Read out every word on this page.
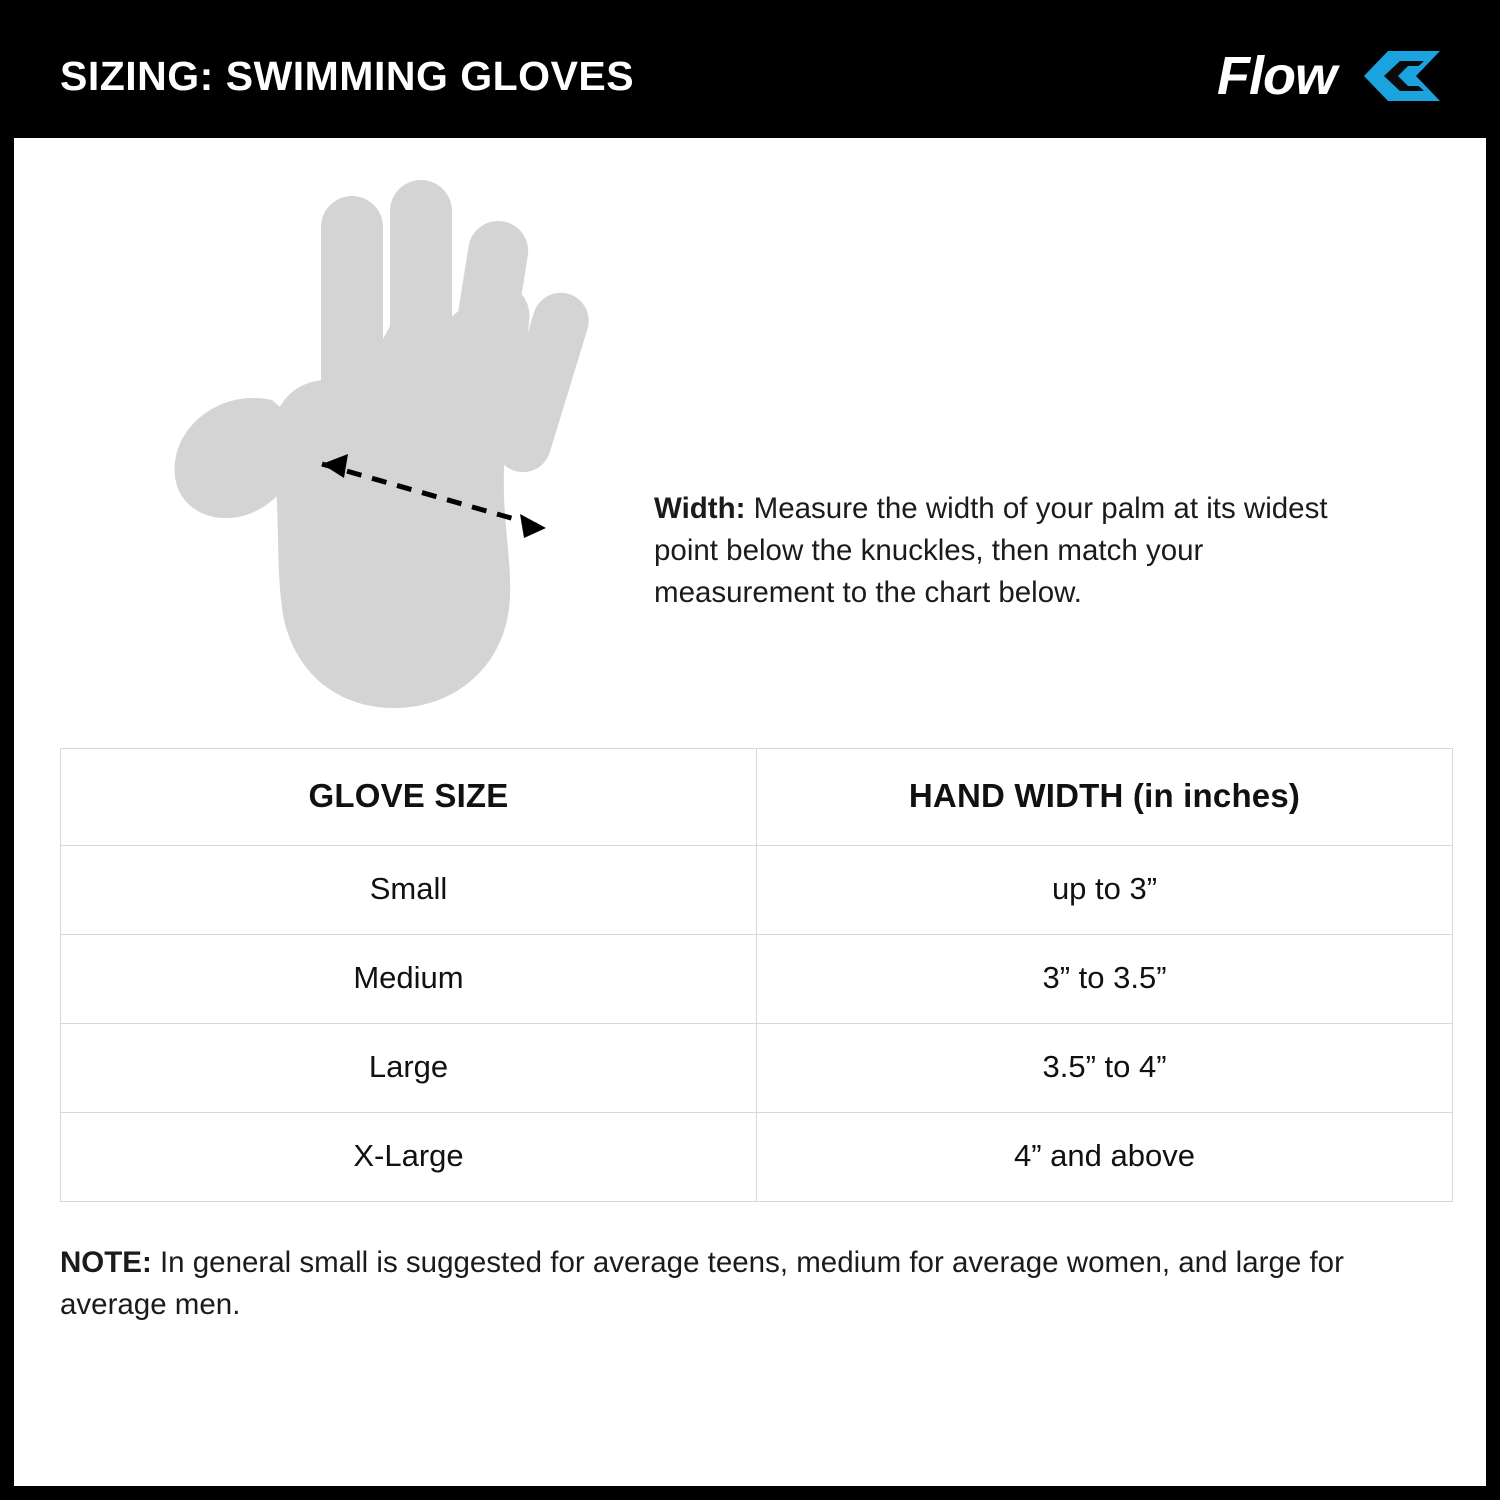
SIZING: SWIMMING GLOVES	Flow
Width: Measure the width of your palm at its widest point below the knuckles, then match your measurement to the chart below.
GLOVE SIZE	HAND WIDTH (in inches)
Small	up to 3”
Medium	3” to 3.5”
Large	3.5” to 4”
X-Large	4” and above
NOTE: In general small is suggested for average teens, medium for average women, and large for average men.
